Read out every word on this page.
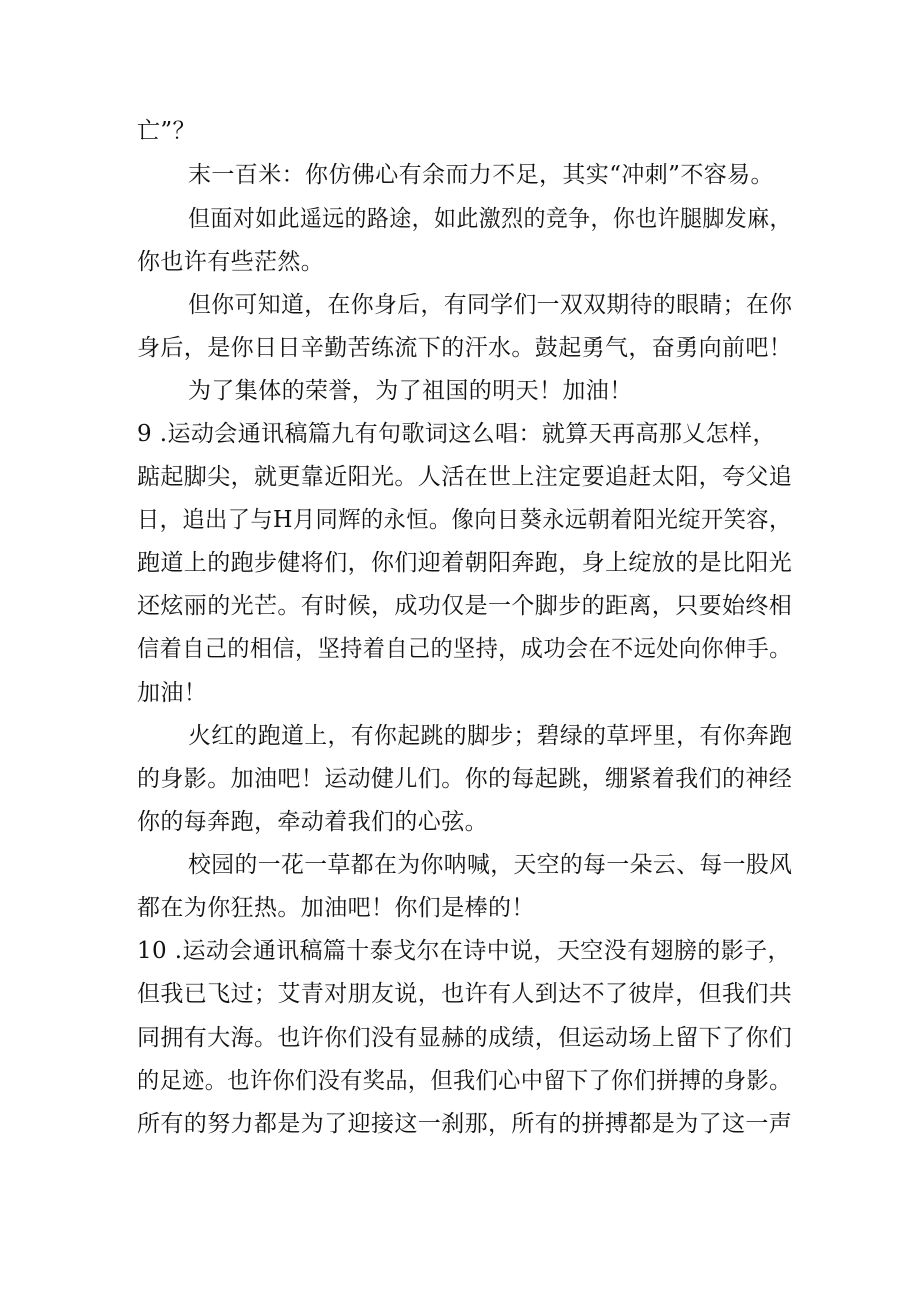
亡”？
末一百米：你仿佛心有余而力不足，其实“冲刺”不容易。
但面对如此遥远的路途，如此激烈的竞争，你也许腿脚发麻，
你也许有些茫然。
但你可知道，在你身后，有同学们一双双期待的眼睛；在你
身后，是你日日辛勤苦练流下的汗水。鼓起勇气，奋勇向前吧！
为了集体的荣誉，为了祖国的明天！加油！
9 .运动会通讯稿篇九有句歌词这么唱：就算天再高那乂怎样，
踮起脚尖，就更靠近阳光。人活在世上注定要追赶太阳，夸父追
日，追出了与H月同辉的永恒。像向日葵永远朝着阳光绽开笑容，
跑道上的跑步健将们，你们迎着朝阳奔跑，身上绽放的是比阳光
还炫丽的光芒。有时候，成功仅是一个脚步的距离，只要始终相
信着自己的相信，坚持着自己的坚持，成功会在不远处向你伸手。
加油！
火红的跑道上，有你起跳的脚步；碧绿的草坪里，有你奔跑
的身影。加油吧！运动健儿们。你的每起跳，绷紧着我们的神经
你的每奔跑，牵动着我们的心弦。
校园的一花一草都在为你呐喊，天空的每一朵云、每一股风
都在为你狂热。加油吧！你们是棒的！
10 .运动会通讯稿篇十泰戈尔在诗中说，天空没有翅膀的影子，
但我已飞过；艾青对朋友说，也许有人到达不了彼岸，但我们共
同拥有大海。也许你们没有显赫的成绩，但运动场上留下了你们
的足迹。也许你们没有奖品，但我们心中留下了你们拼搏的身影。
所有的努力都是为了迎接这一刹那，所有的拼搏都是为了这一声
